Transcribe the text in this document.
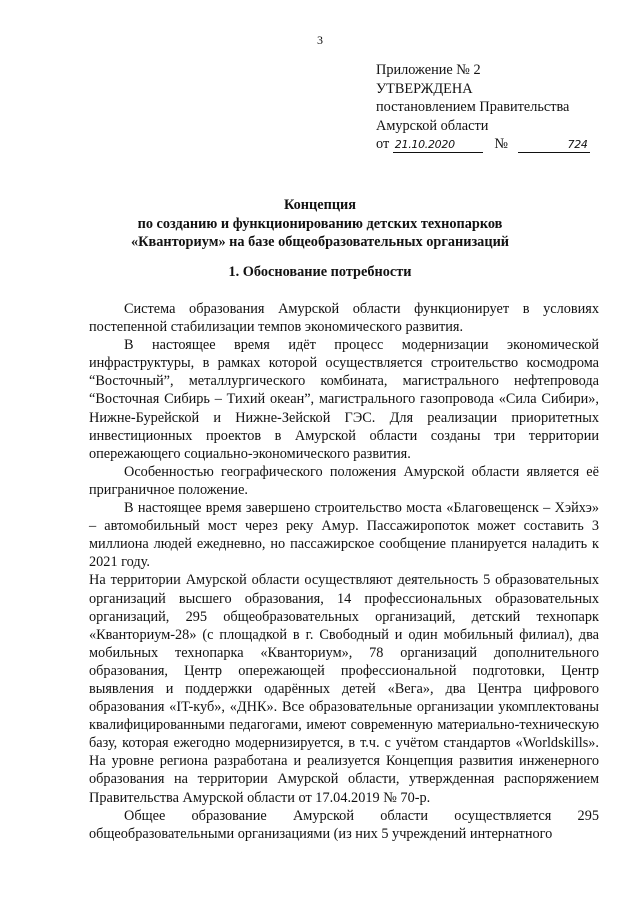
3
Приложение № 2
УТВЕРЖДЕНА
постановлением Правительства
Амурской области
от 21.10.2020	№	724
Концепция
по созданию и функционированию детских технопарков
«Кванториум» на базе общеобразовательных организаций
1. Обоснование потребности

Система образования Амурской области функционирует в условиях постепенной стабилизации темпов экономического развития.

В настоящее время идёт процесс модернизации экономической инфраструктуры, в рамках которой осуществляется строительство космодрома “Восточный”, металлургического комбината, магистрального нефтепровода “Восточная Сибирь – Тихий океан”, магистрального газопровода «Сила Сибири», Нижне-Бурейской и Нижне-Зейской ГЭС. Для реализации приоритетных инвестиционных проектов в Амурской области созданы три территории опережающего социально-экономического развития.

Особенностью географического положения Амурской области является её приграничное положение.

В настоящее время завершено строительство моста «Благовещенск – Хэйхэ» – автомобильный мост через реку Амур. Пассажиропоток может составить 3 миллиона людей ежедневно, но пассажирское сообщение планируется наладить к 2021 году.

На территории Амурской области осуществляют деятельность 5 образовательных организаций высшего образования, 14 профессиональных образовательных организаций, 295 общеобразовательных организаций, детский технопарк «Кванториум-28» (с площадкой в г. Свободный и один мобильный филиал), два мобильных технопарка «Кванториум», 78 организаций дополнительного образования, Центр опережающей профессиональной подготовки, Центр выявления и поддержки одарённых детей «Вега», два Центра цифрового образования «IT-куб», «ДНК». Все образовательные организации укомплектованы квалифицированными педагогами, имеют современную материально-техническую базу, которая ежегодно модернизируется, в т.ч. с учётом стандартов «Worldskills». На уровне региона разработана и реализуется Концепция развития инженерного образования на территории Амурской области, утвержденная распоряжением Правительства Амурской области от 17.04.2019 № 70-р.

Общее образование Амурской области осуществляется 295 общеобразовательными организациями (из них 5 учреждений интернатного
